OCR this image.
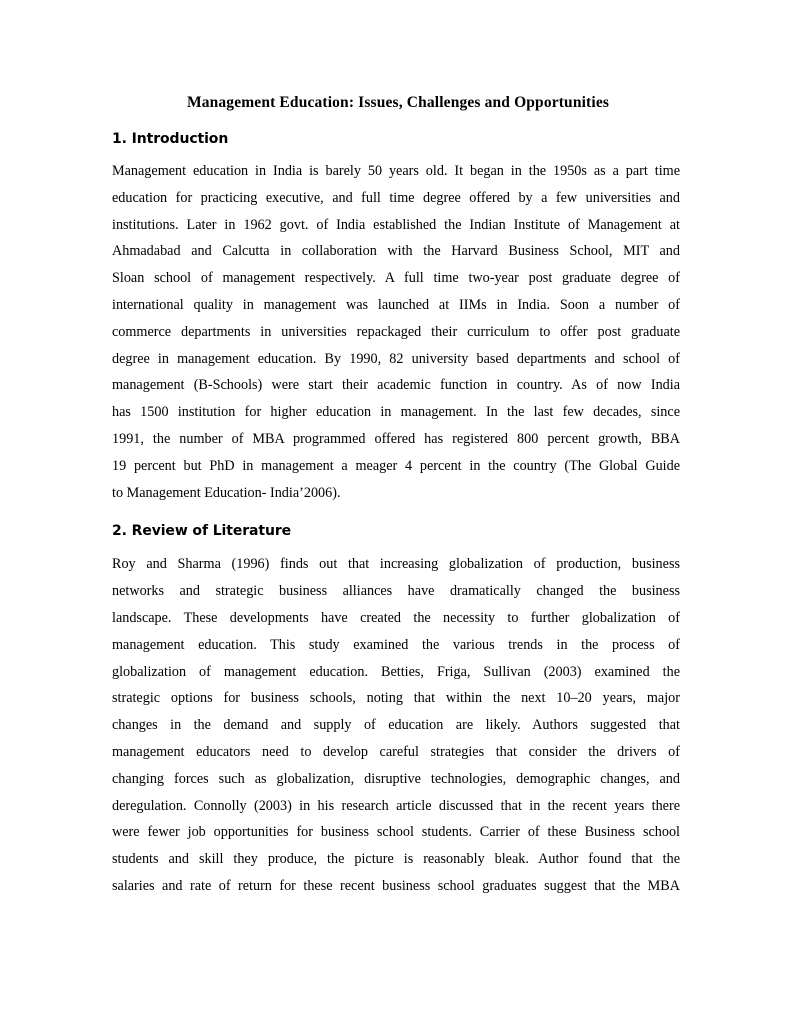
Management Education: Issues, Challenges and Opportunities
1. Introduction

Management education in India is barely 50 years old. It began in the 1950s as a part time
education for practicing executive, and full time degree offered by a few universities and
institutions. Later in 1962 govt. of India established the Indian Institute of Management at
Ahmadabad and Calcutta in collaboration with the Harvard Business School, MIT and
Sloan school of management respectively. A full time two-year post graduate degree of
international quality in management was launched at IIMs in India. Soon a number of
commerce departments in universities repackaged their curriculum to offer post graduate
degree in management education. By 1990, 82 university based departments and school of
management (B-Schools) were start their academic function in country. As of now India
has 1500 institution for higher education in management. In the last few decades, since
1991, the number of MBA programmed offered has registered 800 percent growth, BBA
19 percent but PhD in management a meager 4 percent in the country (The Global Guide
to Management Education- India’2006).

2. Review of Literature

Roy and Sharma (1996) finds out that increasing globalization of production, business
networks and strategic business alliances have dramatically changed the business
landscape. These developments have created the necessity to further globalization of
management education. This study examined the various trends in the process of
globalization of management education. Betties, Friga, Sullivan (2003) examined the
strategic options for business schools, noting that within the next 10–20 years, major
changes in the demand and supply of education are likely. Authors suggested that
management educators need to develop careful strategies that consider the drivers of
changing forces such as globalization, disruptive technologies, demographic changes, and
deregulation. Connolly (2003) in his research article discussed that in the recent years there
were fewer job opportunities for business school students. Carrier of these Business school
students and skill they produce, the picture is reasonably bleak. Author found that the
salaries and rate of return for these recent business school graduates suggest that the MBA
